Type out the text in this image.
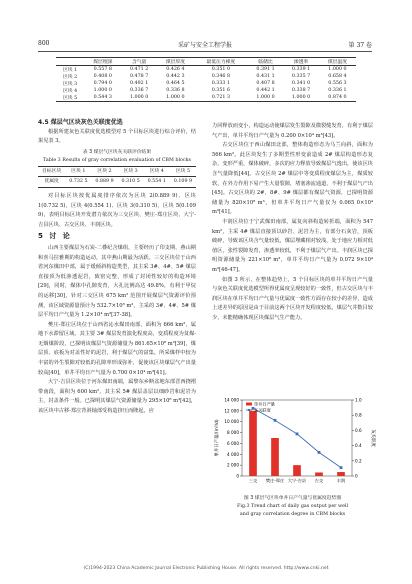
800	采矿与安全工程学报	第 37 卷
	煤层埋深	含气量	煤层厚度	最低压力梯度	临储比	渗透率	煤层温度
区块 1	0.557 8	0.471 2	0.426 4	0.351 0	0.391 1	0.339 1	1.000 0
区块 2	0.408 0	0.478 7	0.442 3	0.346 8	0.431 1	0.335 7	0.658 4
区块 3	0.794 0	0.492 1	0.464 5	0.333 1	0.407 8	0.341 0	0.556 3
区块 4	1.000 0	0.336 7	0.336 8	0.351 6	0.442 1	0.338 7	0.336 1
区块 5	0.544 3	1.000 0	1.000 0	0.721 3	1.000 0	1.000 0	0.874 0
4.5 煤层气区块灰色关联度优选

根据所建灰色关联度优选模型对 5 个目标区块进行综合评价，结果见表 3。

表 3 煤层气区块灰关联评价结果
Table 3 Results of gray correlation evaluation of CBM blocks
目标区块	区块 1	区块 2	区块 3	区块 4	区块 5
优属度	0.732 5	0.889 9	0.310 5	0.554 1	0.109 9

对目标区块按优属度排序依次为区块 2(0.889 9)、区块 1(0.732 5)、区块 4(0.554 1)、区块 3(0.310 5)、区块 5(0.109 9)，表明目标区块开发潜力依次为三交区块、樊庄-郑庄区块、大宁-吉县区块、古交区块、丰润区块。

5 讨 论

山西主要煤层为石炭-二叠纪含煤组，主要经历了印支期、燕山期和喜马拉雅期的构造运动，其中燕山期最为活跃。三交区块位于山西省河东煤田中部，属于缓倾斜构造类型，其主采 3#、4#、5# 煤层直接顶为低渗透泥岩，致密完整，形成了封闭性较好的构造环境[29]，同时，煤体中孔隙发育，大孔比例高达 49.8%，有利于甲烷的运移[30]，针对三交区块 675 km² 范围开展煤层气资源评价预测，该区域资源量预计为 532.7×10⁸ m³，主采的 3#、4#、5# 煤层平均日产气量为 1.2×10⁴ m³[37-38]。

樊庄-郑庄区块位于山西省沁水煤田南部，面积为 666 km²，属地下水滞留区域，其主要 3# 煤层发育演化程度高，变质程度为贫煤-无烟煤阶段，已探明该煤层气资源储量为 861.65×10⁸ m³[39]，煤层顶、底板为对盖性好的泥岩，利于煤层气的富集。所采煤样中较为丰富的外生裂隙对较低的孔隙率形成弥补，促使该区块煤层气产出量较高[40]，单井平均日产气量为 0.700 0×10⁴ m³[41]。

大宁-吉县区块位于河东煤田南端，属黎东乡断盆地东部晋西挠褶带南段，面积为 600 km²，其主采 5# 煤层盖层以细砂岩和泥岩为主，封盖条件一般。已探明其煤层气资源储量为 295×10⁸ m³[42]，该区块中古移-郑庄背斜轴部受构造挤压而隆起，应

力回释放而变小，构造运动使煤层发生裂隙及微裂缝发育，有利于煤层气产出，单井平均日产气量为 0.200 0×10⁴ m³[43]。

古交区块位于西山煤田北部，整体构造形态为马兰向斜，面积为 566 km²。此区块发生了多期型性形变前造成 2# 煤层构造形态复杂，变形严重，煤体破碎，多次的应力释放导致煤层气逸出，使该区块含气量降低[44]。古交区块 2# 煤层中等变质程度煤层为主，煤质较软，在外力作用下易产生大量裂隙，堵塞渗流通道，不利于煤层气产出[45]。古交区块的 2#、8#、9# 煤层都有煤层气资源，已探明资源储量为 820×10⁸ m³，但单井平均日产气量仅为 0.065 0×10⁴ m³[41]。

丰润区块位于宁武煤田南部，属复向斜构造转折端，面积为 547 km²，主采 4# 煤层直接顶以砂岩、泥岩为主，有部分石灰岩，顶板破碎，导致该区块含气量较低，煤层埋藏相对较浅，处于地应力相对低值区，张性裂隙发育，渗透率较低，不利于煤层气产出。丰润区块已探明资源储量为 221×10⁸ m³，单井平均日产气量为 0.072 9×10⁴ m³[46-47]。

如图 3 所示，在整体趋势上，5 个目标区块的单井平均日产气量与灰色关联度优选模型所得优属度呈现较好的一致性，但古交区块与丰润区块在单井平均日产气量与优属度一致性方面存在较小的差异，造成上述差异的原因是由于目前这两个区块开发程度较低，煤层气井数目较少，未能精确体现区块煤层气生产能力。

0
2 000
4 000
6 000
8 000
10 000
12 000
14 000
0
0.2
0.4
0.6
0.8
1.0
单井日产量/(m³/d)	灰关联度
三交 樊庄-郑庄 大宁-吉县 古交	丰润
单井日产量
灰关联度
图 3 煤层气区块单井日产气量与优属度趋势图
Fig.3 Trend chart of daily gas output per well
and gray correlation degree in CBM blocks
(C)1994-2023 China Academic Journal Electronic Publishing House. All rights reserved. http://www.cnki.net
